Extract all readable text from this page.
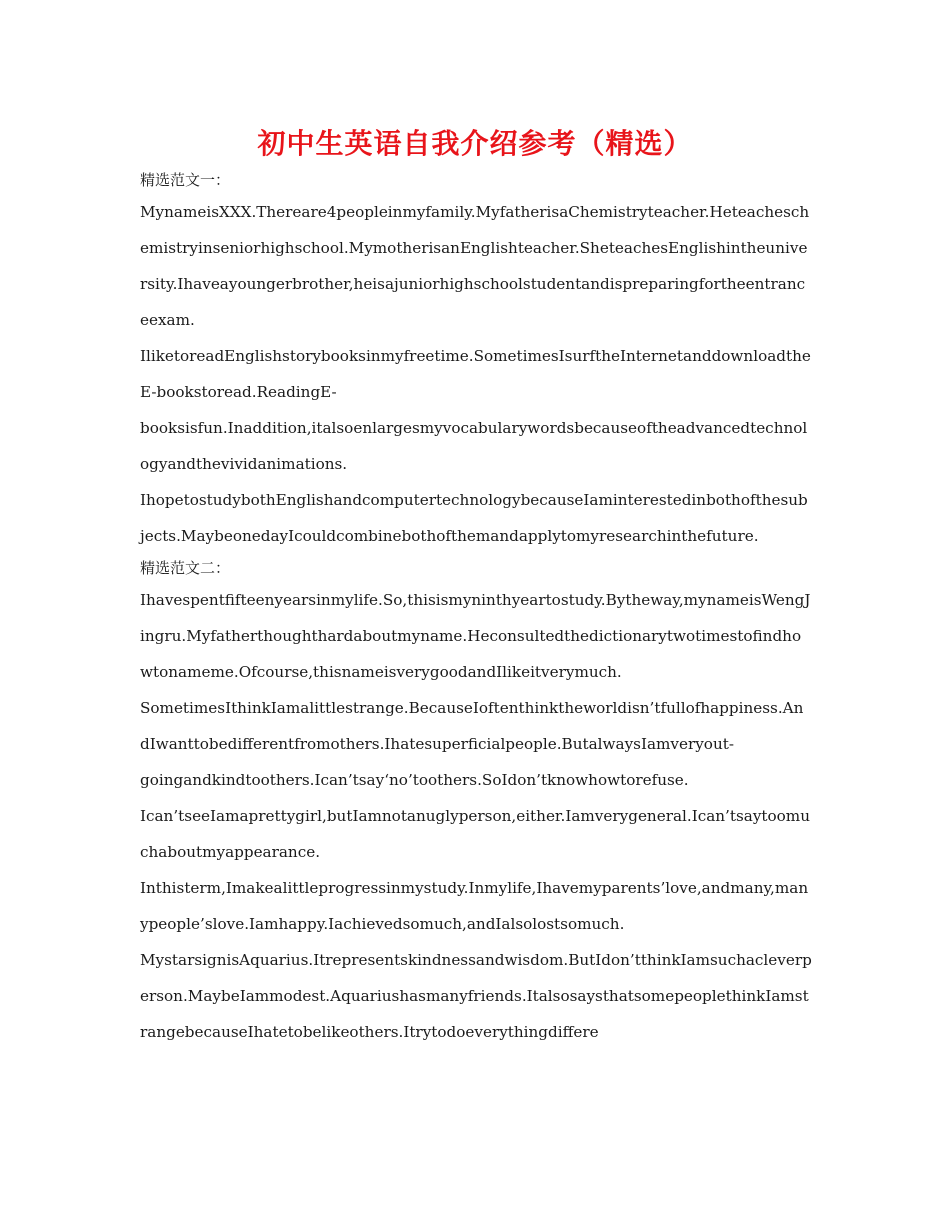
初中生英语自我介绍参考（精选）
精选范文一：

MynameisXXX.Thereare4peopleinmyfamily.MyfatherisaChemistryteacher.Heteacheschemistryinseniorhighschool.MymotherisanEnglishteacher.SheteachesEnglishintheuniversity.Ihaveayoungerbrother,heisajuniorhighschoolstudentandispreparingfortheentranceexam.

IliketoreadEnglishstorybooksinmyfreetime.SometimesIsurftheInternetanddownloadtheE-bookstoread.ReadingE-

booksisfun.Inaddition,italsoenlargesmyvocabularywordsbecauseoftheadvancedtechnologyandthevividanimations.

IhopetostudybothEnglishandcomputertechnologybecauseIaminterestedinbothofthesubjects.MaybeonedayIcouldcombinebothofthemandapplytomyresearchinthefuture.

精选范文二：

Ihavespentfifteenyearsinmylife.So,thisismyninthyeartostudy.Bytheway,mynameisWengJingru.Myfatherthoughthardaboutmyname.Heconsultedthedictionarytwotimestofindhowtonameme.Ofcourse,thisnameisverygoodandIlikeitverymuch.

SometimesIthinkIamalittlestrange.BecauseIoftenthinktheworldisn’tfullofhappiness.AndIwanttobedifferentfromothers.Ihatesuperficialpeople.ButalwaysIamveryout-

goingandkindtoothers.Ican’tsay‘no’toothers.SoIdon’tknowhowtorefuse.

Ican’tseeIamaprettygirl,butIamnotanuglyperson,either.Iamverygeneral.Ican’tsaytoomuchaboutmyappearance.

Inthisterm,Imakealittleprogressinmystudy.Inmylife,Ihavemyparents’love,andmany,manypeople’slove.Iamhappy.Iachievedsomuch,andIalsolostsomuch.

MystarsignisAquarius.Itrepresentskindnessandwisdom.ButIdon’tthinkIamsuchacleverperson.MaybeIammodest.Aquariushasmanyfriends.ItalsosaysthatsomepeoplethinkIamstrangebecauseIhatetobelikeothers.Itrytodoeverythingdiffere
